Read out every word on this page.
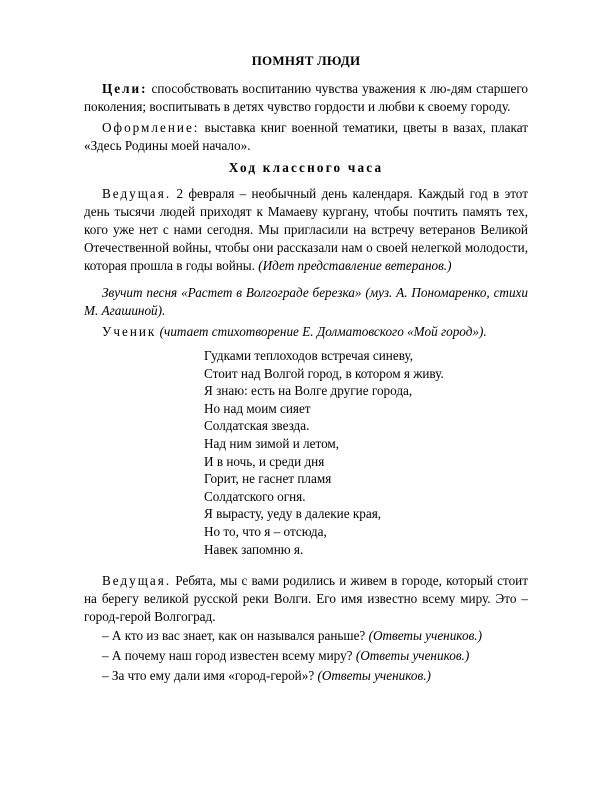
ПОМНЯТ ЛЮДИ
Цели: способствовать воспитанию чувства уважения к лю-дям старшего поколения; воспитывать в детях чувство гордости и любви к своему городу.
Оформление: выставка книг военной тематики, цветы в вазах, плакат «Здесь Родины моей начало».
Ход классного часа
Ведущая. 2 февраля – необычный день календаря. Каждый год в этот день тысячи людей приходят к Мамаеву кургану, чтобы почтить память тех, кого уже нет с нами сегодня. Мы пригласили на встречу ветеранов Великой Отечественной войны, чтобы они рассказали нам о своей нелегкой молодости, которая прошла в годы войны. (Идет представление ветеранов.)
Звучит песня «Растет в Волгограде березка» (муз. А. Пономаренко, стихи М. Агашиной).
Ученик (читает стихотворение Е. Долматовского «Мой город»).
Гудками теплоходов встречая синеву,
Стоит над Волгой город, в котором я живу.
Я знаю: есть на Волге другие города,
Но над моим сияет
Солдатская звезда.
Над ним зимой и летом,
И в ночь, и среди дня
Горит, не гаснет пламя
Солдатского огня.
Я вырасту, уеду в далекие края,
Но то, что я – отсюда,
Навек запомню я.
Ведущая. Ребята, мы с вами родились и живем в городе, который стоит на берегу великой русской реки Волги. Его имя известно всему миру. Это – город-герой Волгоград.
– А кто из вас знает, как он назывался раньше? (Ответы учеников.)
– А почему наш город известен всему миру? (Ответы учеников.)
– За что ему дали имя «город-герой»? (Ответы учеников.)
